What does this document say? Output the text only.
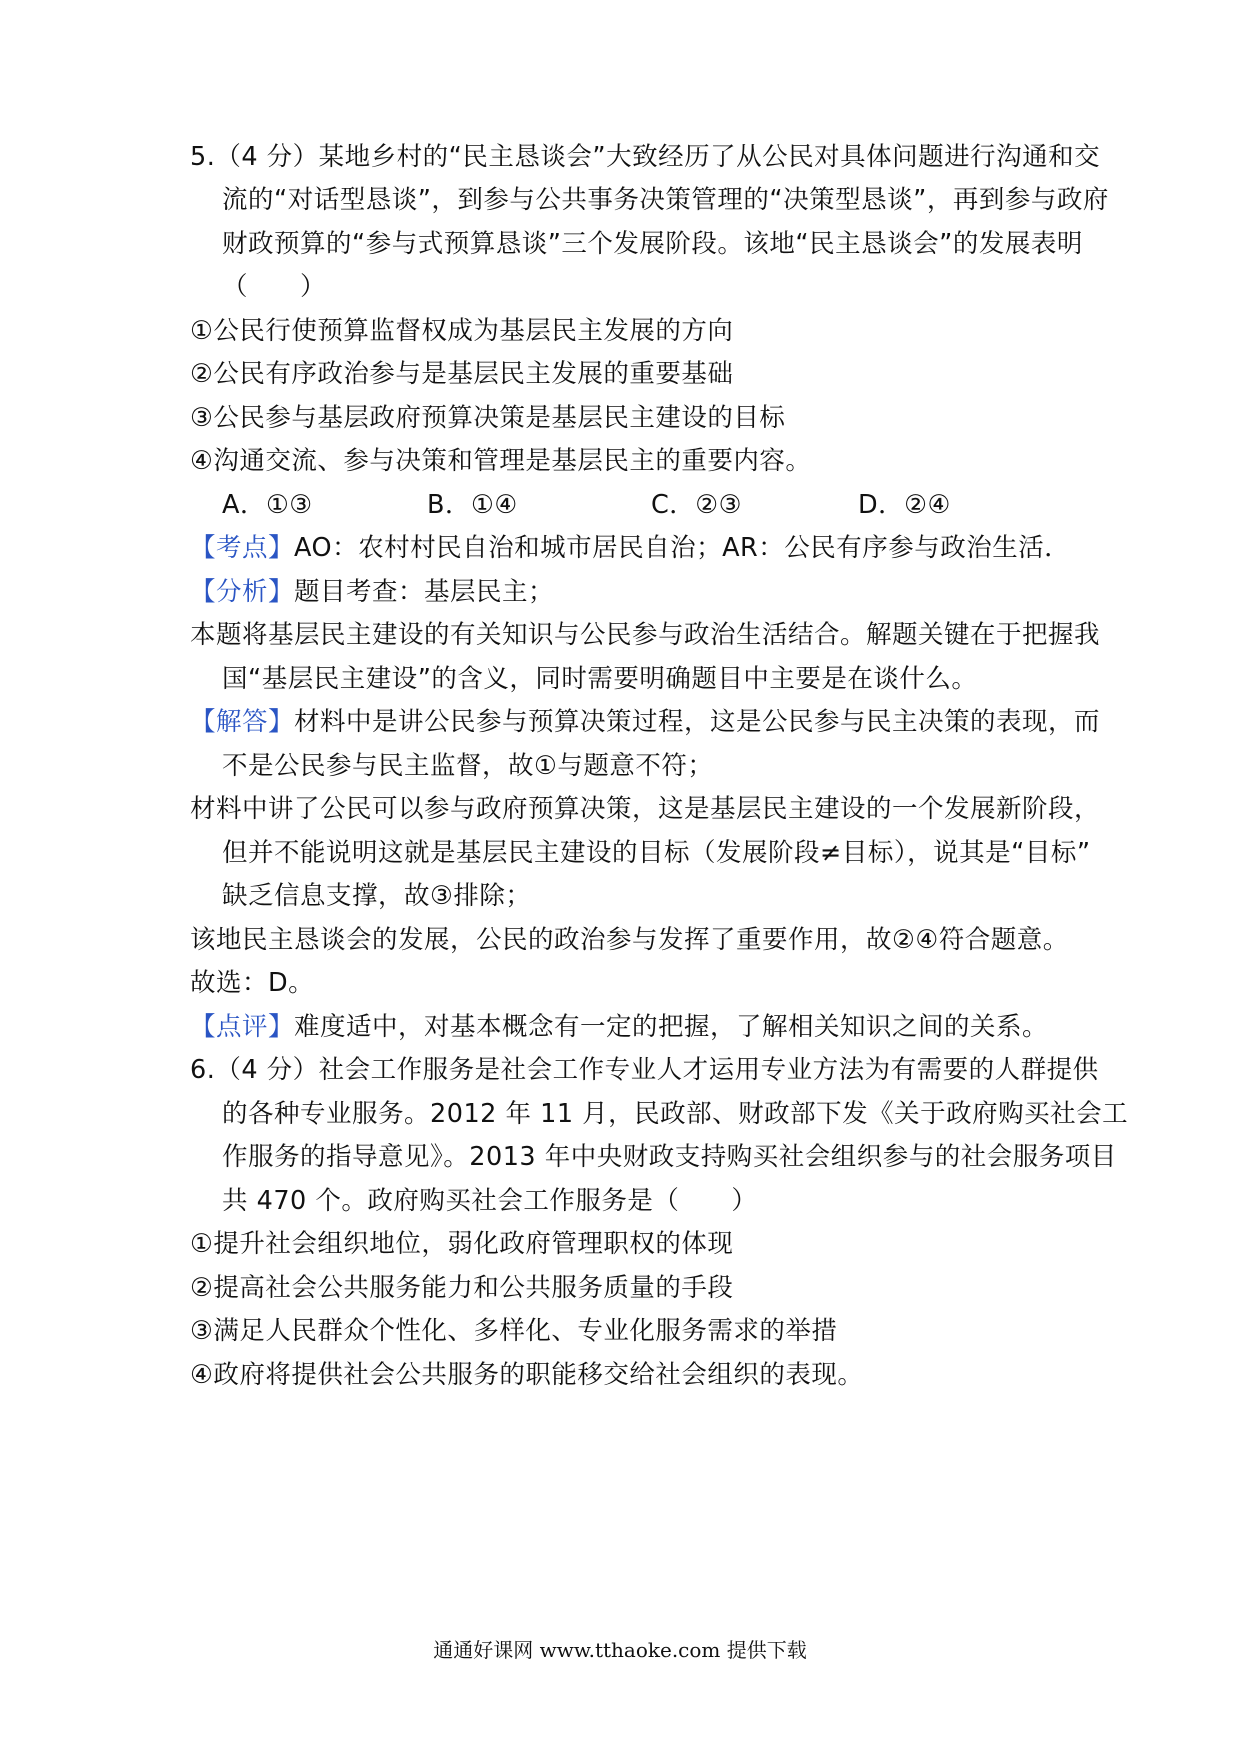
5.（4 分）某地乡村的“民主恳谈会”大致经历了从公民对具体问题进行沟通和交
流的“对话型恳谈”，到参与公共事务决策管理的“决策型恳谈”，再到参与政府
财政预算的“参与式预算恳谈”三个发展阶段。该地“民主恳谈会”的发展表明
（　　）
①公民行使预算监督权成为基层民主发展的方向
②公民有序政治参与是基层民主发展的重要基础
③公民参与基层政府预算决策是基层民主建设的目标
④沟通交流、参与决策和管理是基层民主的重要内容。
A．①③	B．①④	C．②③	D．②④
【考点】AO：农村村民自治和城市居民自治；AR：公民有序参与政治生活．
【分析】题目考查：基层民主；
本题将基层民主建设的有关知识与公民参与政治生活结合。解题关键在于把握我
国“基层民主建设”的含义，同时需要明确题目中主要是在谈什么。
【解答】材料中是讲公民参与预算决策过程，这是公民参与民主决策的表现，而
不是公民参与民主监督，故①与题意不符；
材料中讲了公民可以参与政府预算决策，这是基层民主建设的一个发展新阶段，
但并不能说明这就是基层民主建设的目标（发展阶段≠目标），说其是“目标”
缺乏信息支撑，故③排除；
该地民主恳谈会的发展，公民的政治参与发挥了重要作用，故②④符合题意。
故选：D。
【点评】难度适中，对基本概念有一定的把握，了解相关知识之间的关系。
6.（4 分）社会工作服务是社会工作专业人才运用专业方法为有需要的人群提供
的各种专业服务。2012 年 11 月，民政部、财政部下发《关于政府购买社会工
作服务的指导意见》。2013 年中央财政支持购买社会组织参与的社会服务项目
共 470 个。政府购买社会工作服务是（　　）
①提升社会组织地位，弱化政府管理职权的体现
②提高社会公共服务能力和公共服务质量的手段
③满足人民群众个性化、多样化、专业化服务需求的举措
④政府将提供社会公共服务的职能移交给社会组织的表现。
通通好课网 www.tthaoke.com 提供下载
